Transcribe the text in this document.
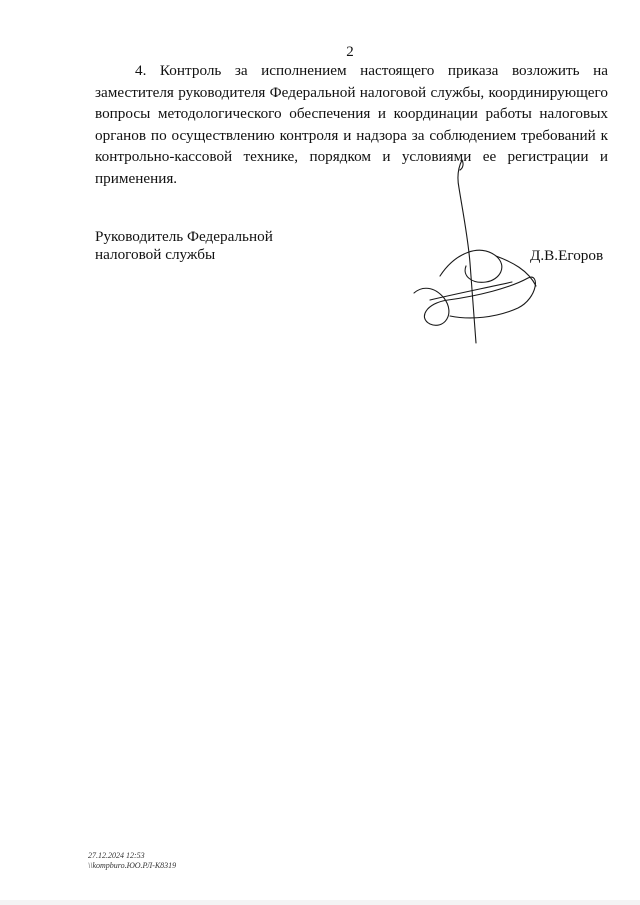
2

4. Контроль за исполнением настоящего приказа возложить на заместителя руководителя Федеральной налоговой службы, координирующего вопросы методологического обеспечения и координации работы налоговых органов по осуществлению контроля и надзора за соблюдением требований к контрольно-кассовой технике, порядком и условиями ее регистрации и применения.

Руководитель Федеральной
налоговой службы	Д.В.Егоров
27.12.2024 12:53
\\kompburo.ЮО.РЛ-К8319
